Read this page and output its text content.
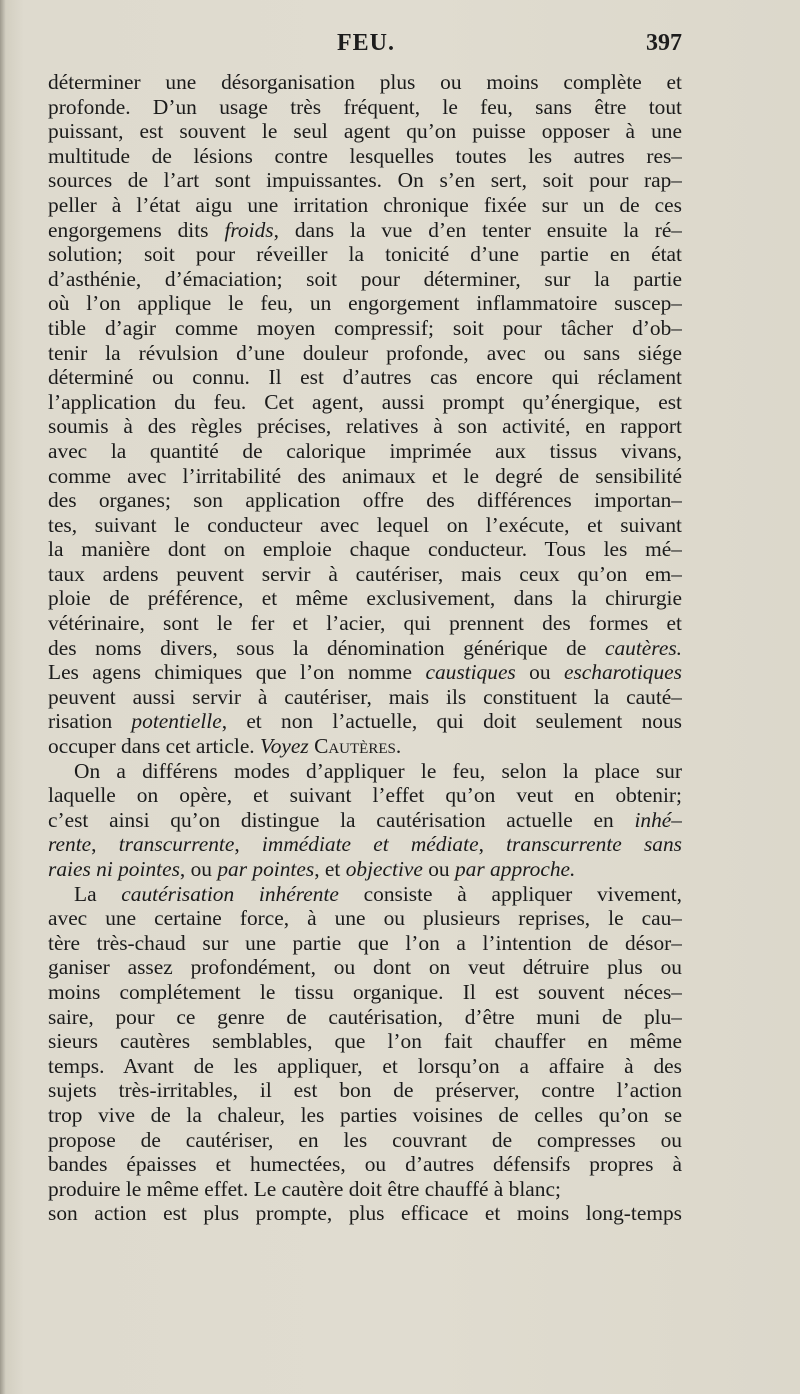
FEU.	397
déterminer une désorganisation plus ou moins complète et
profonde. D’un usage très fréquent, le feu, sans être tout
puissant, est souvent le seul agent qu’on puisse opposer à une
multitude de lésions contre lesquelles toutes les autres res–
sources de l’art sont impuissantes. On s’en sert, soit pour rap–
peller à l’état aigu une irritation chronique fixée sur un de ces
engorgemens dits froids, dans la vue d’en tenter ensuite la ré–
solution; soit pour réveiller la tonicité d’une partie en état
d’asthénie, d’émaciation; soit pour déterminer, sur la partie
où l’on applique le feu, un engorgement inflammatoire suscep–
tible d’agir comme moyen compressif; soit pour tâcher d’ob–
tenir la révulsion d’une douleur profonde, avec ou sans siége
déterminé ou connu. Il est d’autres cas encore qui réclament
l’application du feu. Cet agent, aussi prompt qu’énergique, est
soumis à des règles précises, relatives à son activité, en rapport
avec la quantité de calorique imprimée aux tissus vivans,
comme avec l’irritabilité des animaux et le degré de sensibilité
des organes; son application offre des différences importan–
tes, suivant le conducteur avec lequel on l’exécute, et suivant
la manière dont on emploie chaque conducteur. Tous les mé–
taux ardens peuvent servir à cautériser, mais ceux qu’on em–
ploie de préférence, et même exclusivement, dans la chirurgie
vétérinaire, sont le fer et l’acier, qui prennent des formes et
des noms divers, sous la dénomination générique de cautères.
Les agens chimiques que l’on nomme caustiques ou escharotiques
peuvent aussi servir à cautériser, mais ils constituent la cauté–
risation potentielle, et non l’actuelle, qui doit seulement nous
occuper dans cet article. Voyez Cautères.
On a différens modes d’appliquer le feu, selon la place sur
laquelle on opère, et suivant l’effet qu’on veut en obtenir;
c’est ainsi qu’on distingue la cautérisation actuelle en inhé–
rente, transcurrente, immédiate et médiate, transcurrente sans
raies ni pointes, ou par pointes, et objective ou par approche.
La cautérisation inhérente consiste à appliquer vivement,
avec une certaine force, à une ou plusieurs reprises, le cau–
tère très-chaud sur une partie que l’on a l’intention de désor–
ganiser assez profondément, ou dont on veut détruire plus ou
moins complétement le tissu organique. Il est souvent néces–
saire, pour ce genre de cautérisation, d’être muni de plu–
sieurs cautères semblables, que l’on fait chauffer en même
temps. Avant de les appliquer, et lorsqu’on a affaire à des
sujets très-irritables, il est bon de préserver, contre l’action
trop vive de la chaleur, les parties voisines de celles qu’on se
propose de cautériser, en les couvrant de compresses ou
bandes épaisses et humectées, ou d’autres défensifs propres à
produire le même effet. Le cautère doit être chauffé à blanc;
son action est plus prompte, plus efficace et moins long-temps
